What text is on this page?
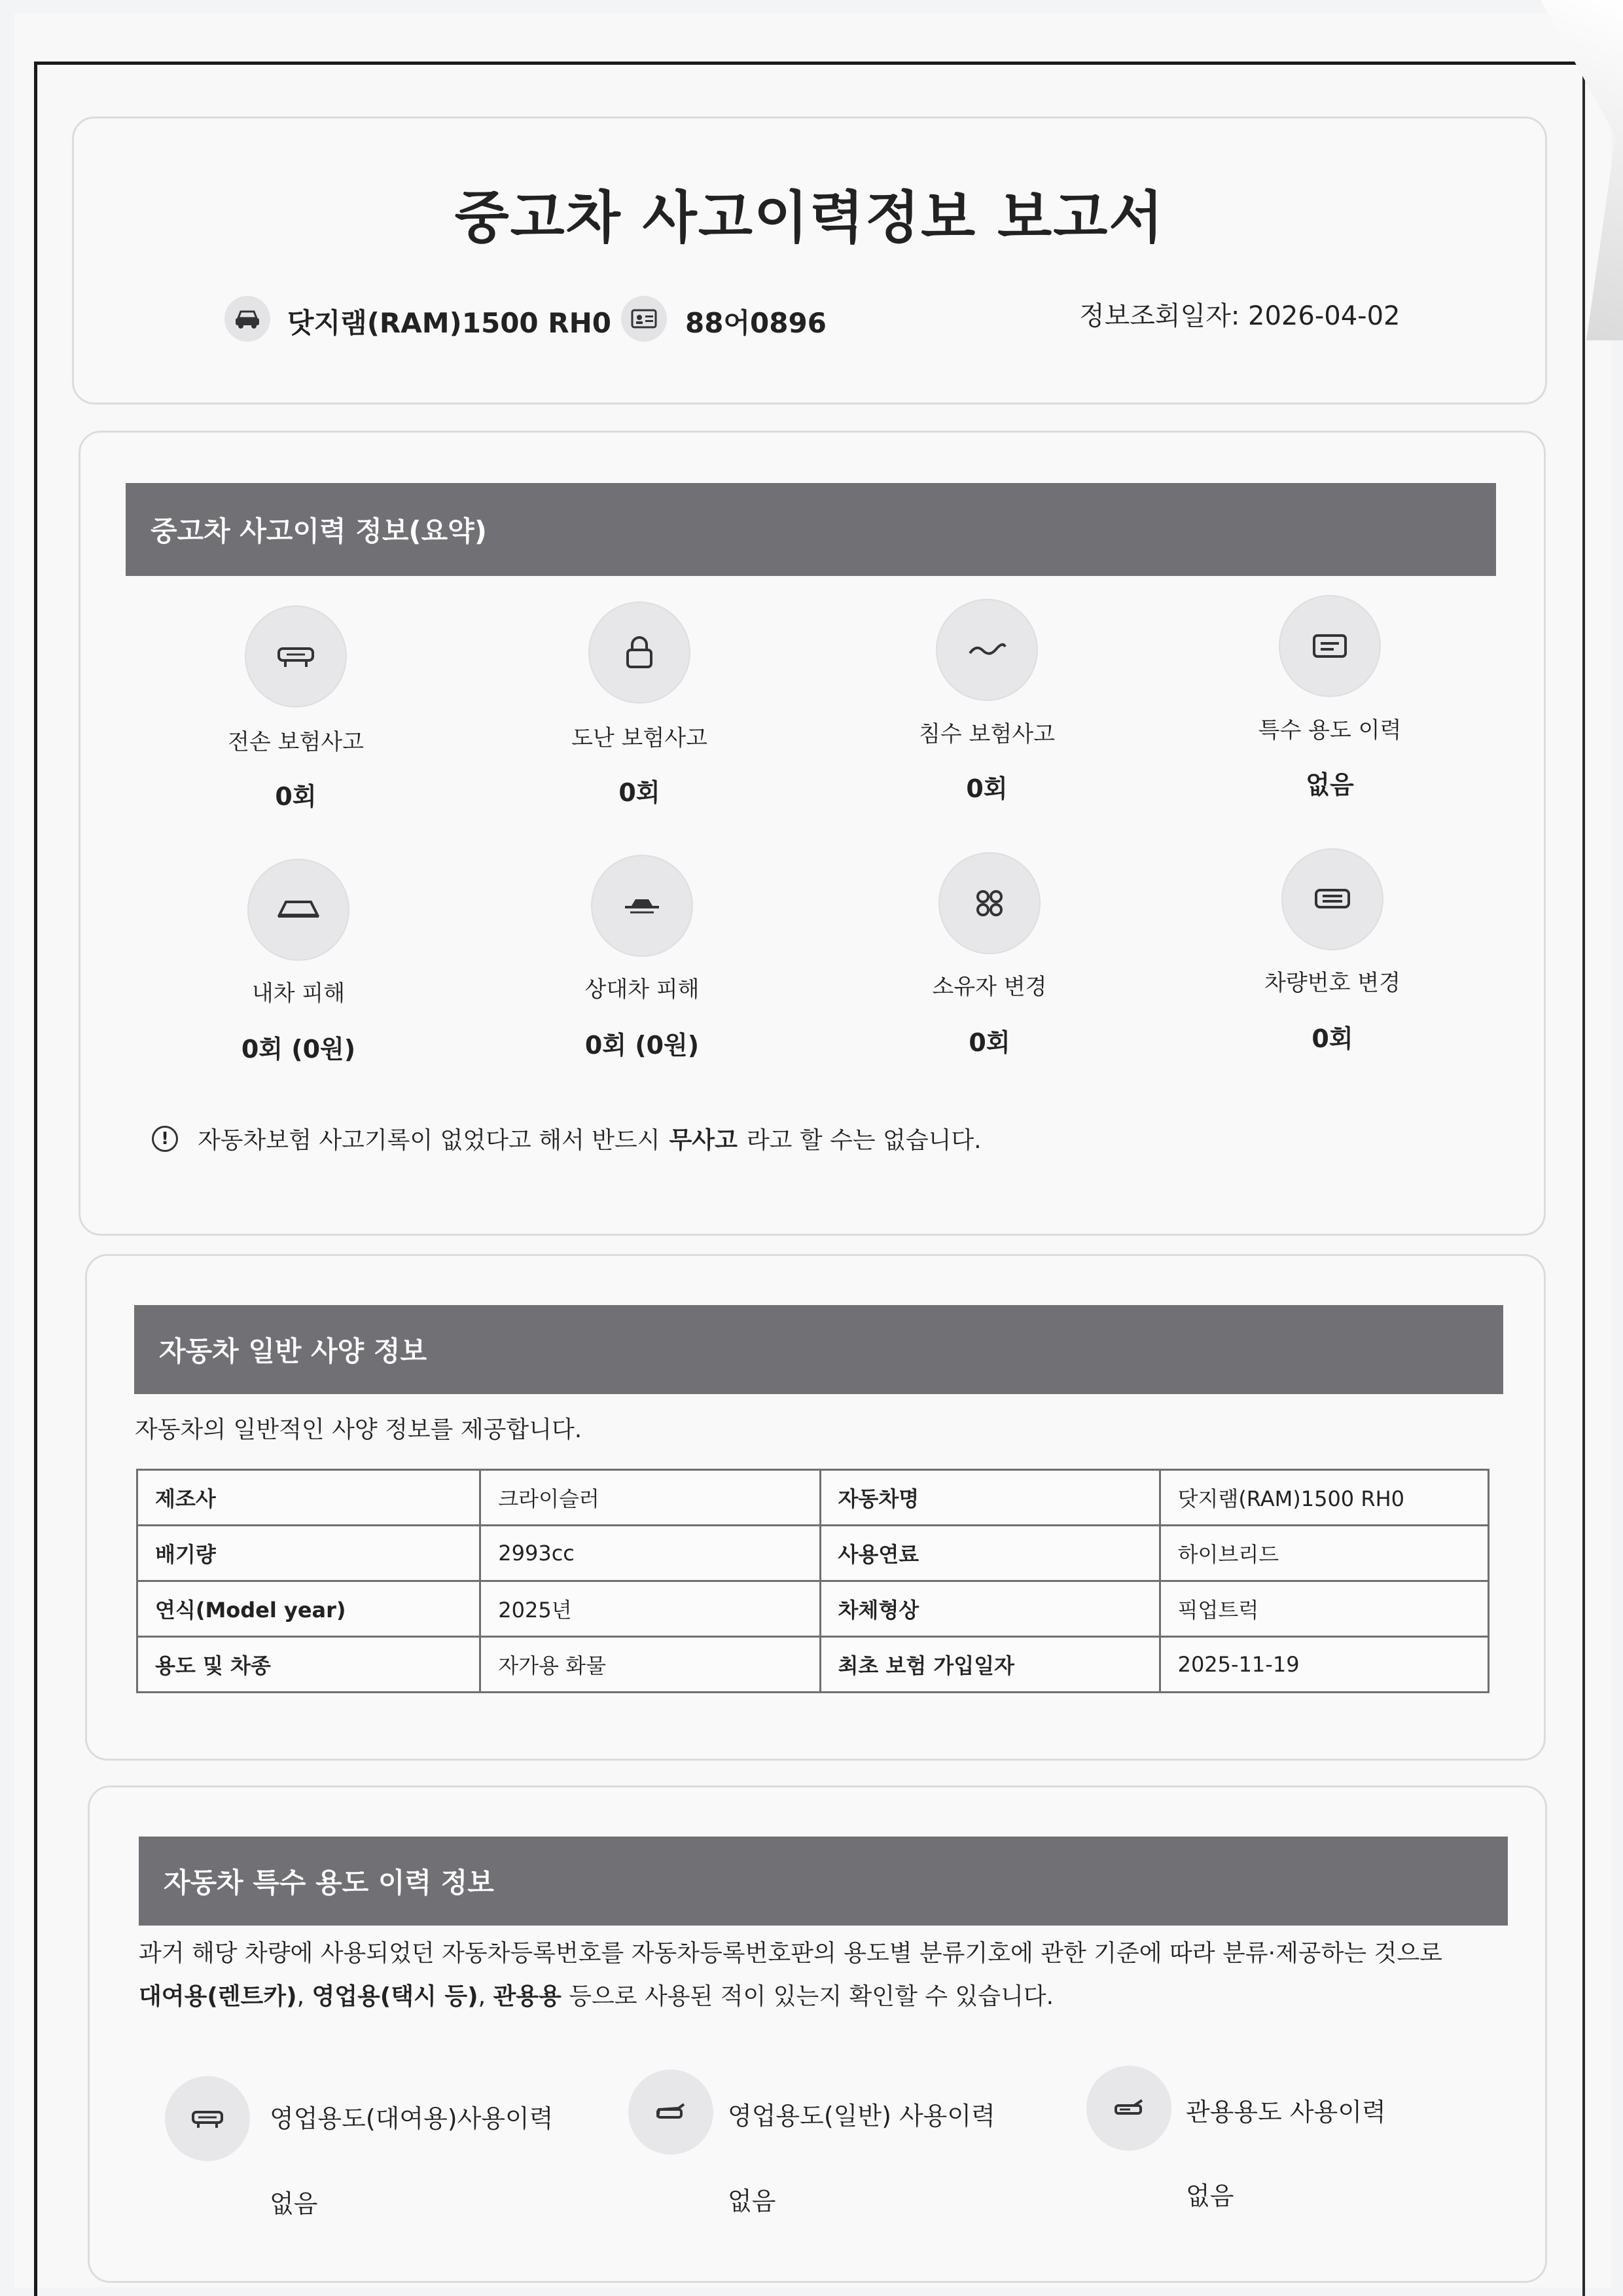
중고차 사고이력정보 보고서
닷지램(RAM)1500 RH0	88어0896	정보조회일자: 2026-04-02
중고차 사고이력 정보(요약)
전손 보험사고
0회
도난 보험사고
0회
침수 보험사고
0회
특수 용도 이력
없음
내차 피해
0회 (0원)
상대차 피해
0회 (0원)
소유자 변경
0회
차량번호 변경
0회
!	자동차보험 사고기록이 없었다고 해서 반드시 무사고 라고 할 수는 없습니다.
자동차 일반 사양 정보
자동차의 일반적인 사양 정보를 제공합니다.
제조사	크라이슬러	자동차명	닷지램(RAM)1500 RH0
배기량	2993cc	사용연료	하이브리드
연식(Model year)	2025년	차체형상	픽업트럭
용도 및 차종	자가용 화물	최초 보험 가입일자	2025-11-19
자동차 특수 용도 이력 정보
과거 해당 차량에 사용되었던 자동차등록번호를 자동차등록번호판의 용도별 분류기호에 관한 기준에 따라 분류·제공하는 것으로
대여용(렌트카), 영업용(택시 등), 관용용 등으로 사용된 적이 있는지 확인할 수 있습니다.
영업용도(대여용)사용이력
없음
영업용도(일반) 사용이력
없음
관용용도 사용이력
없음
